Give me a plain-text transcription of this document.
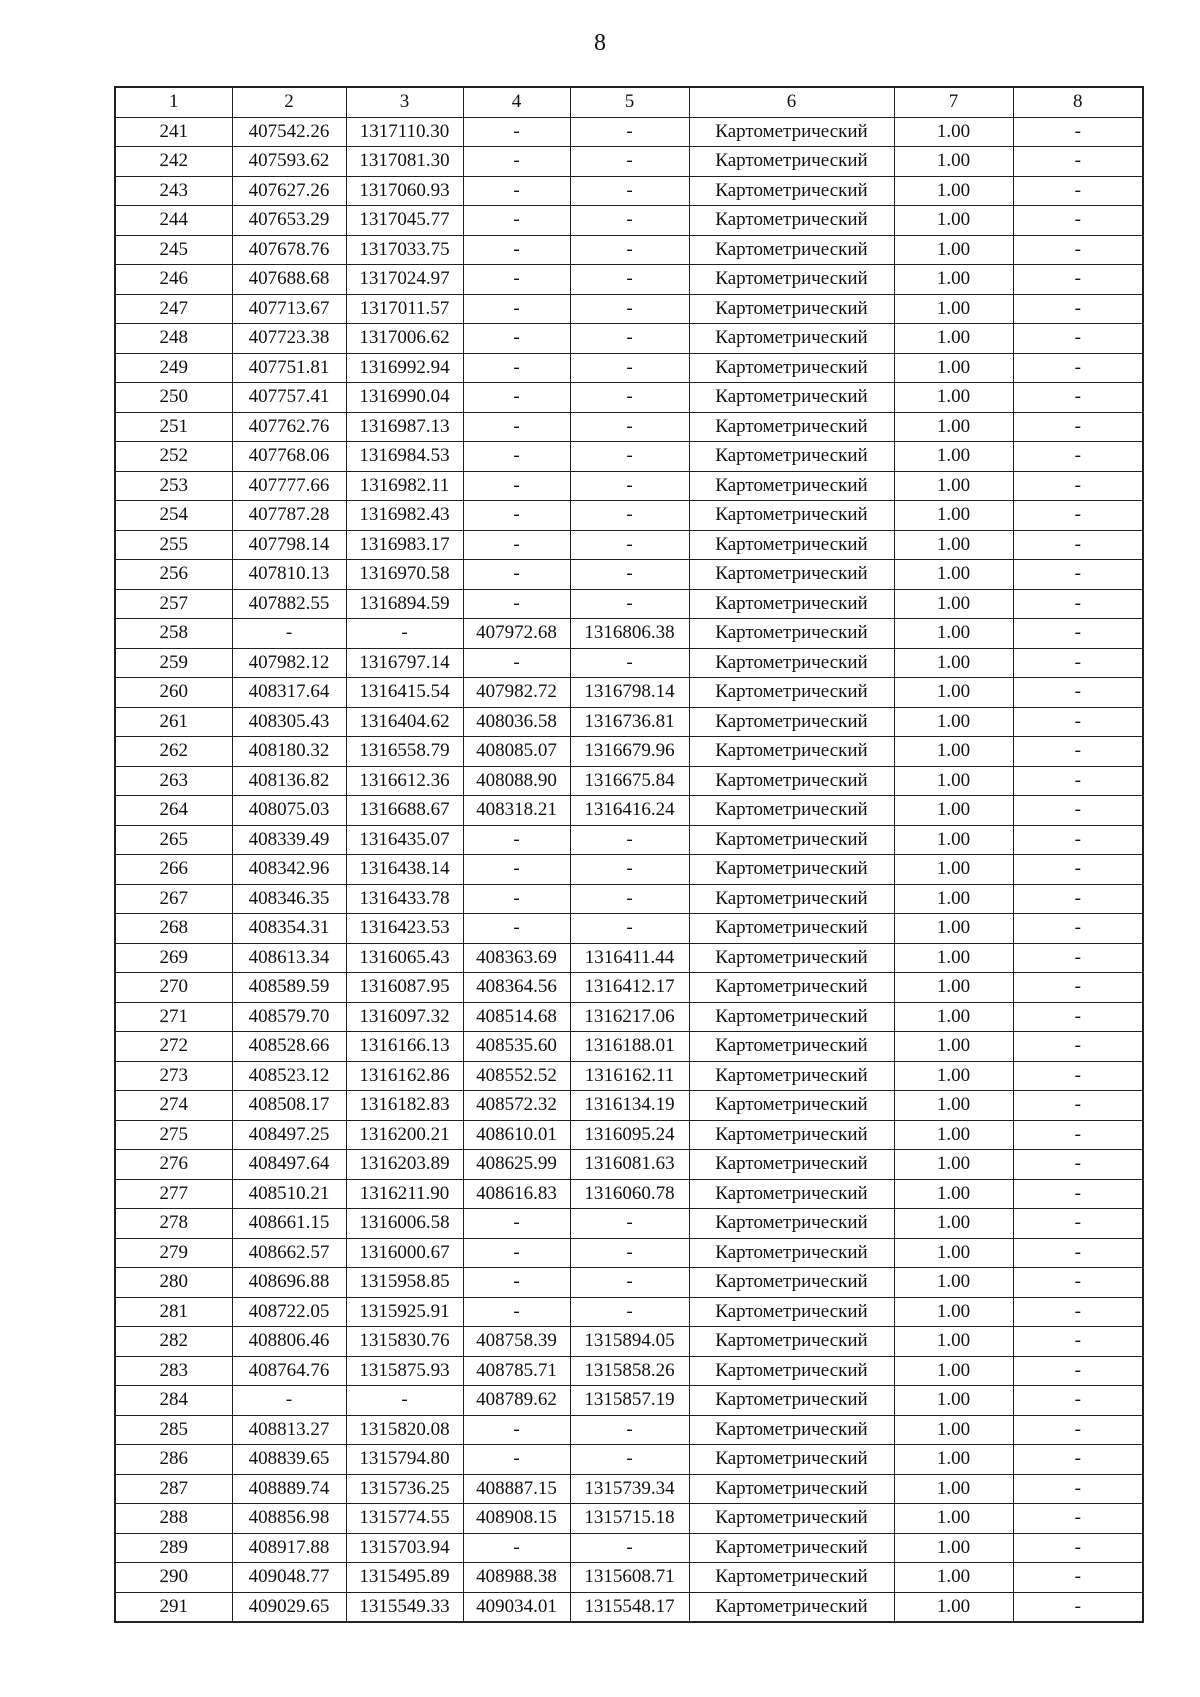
8
1	2	3	4	5	6	7	8
241	407542.26	1317110.30	-	-	Картометрический	1.00	-
242	407593.62	1317081.30	-	-	Картометрический	1.00	-
243	407627.26	1317060.93	-	-	Картометрический	1.00	-
244	407653.29	1317045.77	-	-	Картометрический	1.00	-
245	407678.76	1317033.75	-	-	Картометрический	1.00	-
246	407688.68	1317024.97	-	-	Картометрический	1.00	-
247	407713.67	1317011.57	-	-	Картометрический	1.00	-
248	407723.38	1317006.62	-	-	Картометрический	1.00	-
249	407751.81	1316992.94	-	-	Картометрический	1.00	-
250	407757.41	1316990.04	-	-	Картометрический	1.00	-
251	407762.76	1316987.13	-	-	Картометрический	1.00	-
252	407768.06	1316984.53	-	-	Картометрический	1.00	-
253	407777.66	1316982.11	-	-	Картометрический	1.00	-
254	407787.28	1316982.43	-	-	Картометрический	1.00	-
255	407798.14	1316983.17	-	-	Картометрический	1.00	-
256	407810.13	1316970.58	-	-	Картометрический	1.00	-
257	407882.55	1316894.59	-	-	Картометрический	1.00	-
258	-	-	407972.68	1316806.38	Картометрический	1.00	-
259	407982.12	1316797.14	-	-	Картометрический	1.00	-
260	408317.64	1316415.54	407982.72	1316798.14	Картометрический	1.00	-
261	408305.43	1316404.62	408036.58	1316736.81	Картометрический	1.00	-
262	408180.32	1316558.79	408085.07	1316679.96	Картометрический	1.00	-
263	408136.82	1316612.36	408088.90	1316675.84	Картометрический	1.00	-
264	408075.03	1316688.67	408318.21	1316416.24	Картометрический	1.00	-
265	408339.49	1316435.07	-	-	Картометрический	1.00	-
266	408342.96	1316438.14	-	-	Картометрический	1.00	-
267	408346.35	1316433.78	-	-	Картометрический	1.00	-
268	408354.31	1316423.53	-	-	Картометрический	1.00	-
269	408613.34	1316065.43	408363.69	1316411.44	Картометрический	1.00	-
270	408589.59	1316087.95	408364.56	1316412.17	Картометрический	1.00	-
271	408579.70	1316097.32	408514.68	1316217.06	Картометрический	1.00	-
272	408528.66	1316166.13	408535.60	1316188.01	Картометрический	1.00	-
273	408523.12	1316162.86	408552.52	1316162.11	Картометрический	1.00	-
274	408508.17	1316182.83	408572.32	1316134.19	Картометрический	1.00	-
275	408497.25	1316200.21	408610.01	1316095.24	Картометрический	1.00	-
276	408497.64	1316203.89	408625.99	1316081.63	Картометрический	1.00	-
277	408510.21	1316211.90	408616.83	1316060.78	Картометрический	1.00	-
278	408661.15	1316006.58	-	-	Картометрический	1.00	-
279	408662.57	1316000.67	-	-	Картометрический	1.00	-
280	408696.88	1315958.85	-	-	Картометрический	1.00	-
281	408722.05	1315925.91	-	-	Картометрический	1.00	-
282	408806.46	1315830.76	408758.39	1315894.05	Картометрический	1.00	-
283	408764.76	1315875.93	408785.71	1315858.26	Картометрический	1.00	-
284	-	-	408789.62	1315857.19	Картометрический	1.00	-
285	408813.27	1315820.08	-	-	Картометрический	1.00	-
286	408839.65	1315794.80	-	-	Картометрический	1.00	-
287	408889.74	1315736.25	408887.15	1315739.34	Картометрический	1.00	-
288	408856.98	1315774.55	408908.15	1315715.18	Картометрический	1.00	-
289	408917.88	1315703.94	-	-	Картометрический	1.00	-
290	409048.77	1315495.89	408988.38	1315608.71	Картометрический	1.00	-
291	409029.65	1315549.33	409034.01	1315548.17	Картометрический	1.00	-
